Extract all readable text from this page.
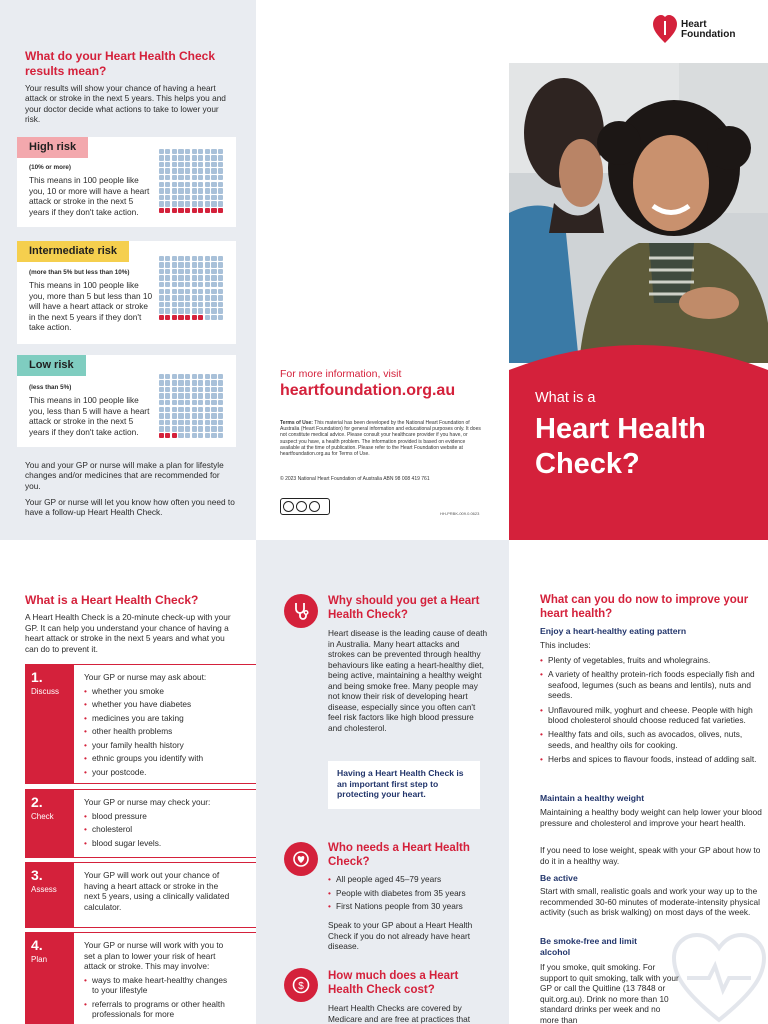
What do your Heart Health Check results mean?
Your results will show your chance of having a heart attack or stroke in the next 5 years. This helps you and your doctor decide what actions to take to lower your risk.
High risk
(10% or more)
This means in 100 people like you, 10 or more will have a heart attack or stroke in the next 5 years if they don't take action.
Intermediate risk
(more than 5% but less than 10%)
This means in 100 people like you, more than 5 but less than 10 will have a heart attack or stroke in the next 5 years if they don't take action.
Low risk
(less than 5%)
This means in 100 people like you, less than 5 will have a heart attack or stroke in the next 5 years if they don't take action.
You and your GP or nurse will make a plan for lifestyle changes and/or medicines that are recommended for you.
Your GP or nurse will let you know how often you need to have a follow-up Heart Health Check.
For more information, visit
heartfoundation.org.au
Terms of Use: This material has been developed by the National Heart Foundation of Australia (Heart Foundation) for general information and educational purposes only. It does not constitute medical advice. Please consult your healthcare provider if you have, or suspect you have, a health problem. The information provided is based on evidence available at the time of publication. Please refer to the Heart Foundation website at heartfoundation.org.au for Terms of Use.
© 2023 National Heart Foundation of Australia ABN 98 008 419 761
HH-PRBK-009.0.0623
Heart
Foundation
What is a
Heart Health Check?
What is a Heart Health Check?
A Heart Health Check is a 20-minute check-up with your GP. It can help you understand your chance of having a heart attack or stroke in the next 5 years and what you can do to prevent it.
1.
Discuss
Your GP or nurse may ask about:
• whether you smoke
• whether you have diabetes
• medicines you are taking
• other health problems
• your family health history
• ethnic groups you identify with
• your postcode.
2.
Check
Your GP or nurse may check your:
• blood pressure
• cholesterol
• blood sugar levels.
3.
Assess
Your GP will work out your chance of having a heart attack or stroke in the next 5 years, using a clinically validated calculator.
4.
Plan
Your GP or nurse will work with you to set a plan to lower your risk of heart attack or stroke. This may involve:
• ways to make heart-healthy changes to your lifestyle
• referrals to programs or other health professionals for more
Why should you get a Heart Health Check?
Heart disease is the leading cause of death in Australia. Many heart attacks and strokes can be prevented through healthy behaviours like eating a heart-healthy diet, being active, maintaining a healthy weight and being smoke free. Many people may not know their risk of developing heart disease, especially since you often can't feel risk factors like high blood pressure and cholesterol.
Having a Heart Health Check is an important first step to protecting your heart.
Who needs a Heart Health Check?
• All people aged 45–79 years
• People with diabetes from 35 years
• First Nations people from 30 years
Speak to your GP about a Heart Health Check if you do not already have heart disease.
$
How much does a Heart Health Check cost?
Heart Health Checks are covered by Medicare and are free at practices that
What can you do now to improve your heart health?
Enjoy a heart-healthy eating pattern
This includes:
• Plenty of vegetables, fruits and wholegrains.
• A variety of healthy protein-rich foods especially fish and seafood, legumes (such as beans and lentils), nuts and seeds.
• Unflavoured milk, yoghurt and cheese. People with high blood cholesterol should choose reduced fat varieties.
• Healthy fats and oils, such as avocados, olives, nuts, seeds, and healthy oils for cooking.
• Herbs and spices to flavour foods, instead of adding salt.
Maintain a healthy weight
Maintaining a healthy body weight can help lower your blood pressure and cholesterol and improve your heart health.
If you need to lose weight, speak with your GP about how to do it in a healthy way.
Be active
Start with small, realistic goals and work your way up to the recommended 30-60 minutes of moderate-intensity physical activity (such as brisk walking) on most days of the week.
Be smoke-free and limit alcohol
If you smoke, quit smoking. For support to quit smoking, talk with your GP or call the Quitline (13 7848 or quit.org.au). Drink no more than 10 standard drinks per week and no more than
